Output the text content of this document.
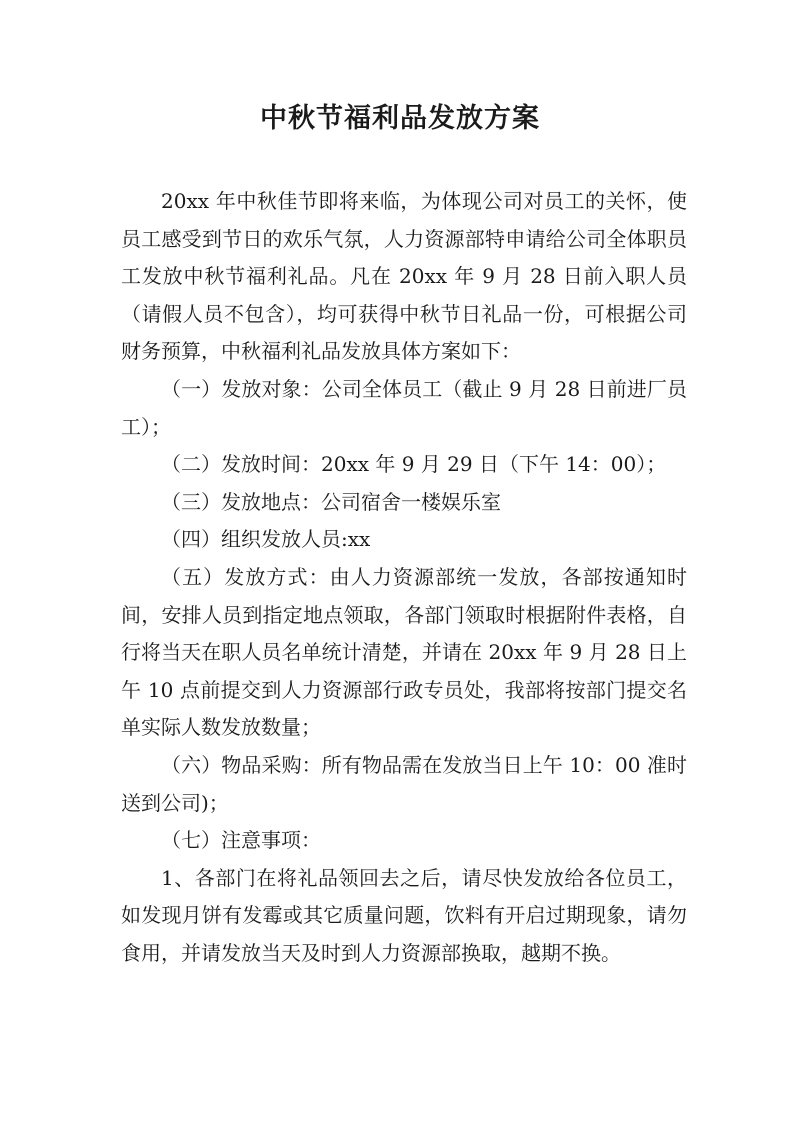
中秋节福利品发放方案

20xx 年中秋佳节即将来临，为体现公司对员工的关怀，使员工感受到节日的欢乐气氛，人力资源部特申请给公司全体职员工发放中秋节福利礼品。凡在 20xx 年 9 月 28 日前入职人员（请假人员不包含），均可获得中秋节日礼品一份，可根据公司财务预算，中秋福利礼品发放具体方案如下：

（一）发放对象：公司全体员工（截止 9 月 28 日前进厂员工）；

（二）发放时间：20xx 年 9 月 29 日（下午 14：00）；

（三）发放地点：公司宿舍一楼娱乐室

（四）组织发放人员:xx

（五）发放方式：由人力资源部统一发放，各部按通知时间，安排人员到指定地点领取，各部门领取时根据附件表格，自行将当天在职人员名单统计清楚，并请在 20xx 年 9 月 28 日上午 10 点前提交到人力资源部行政专员处，我部将按部门提交名单实际人数发放数量；

（六）物品采购：所有物品需在发放当日上午 10：00 准时送到公司)；

（七）注意事项：

1、各部门在将礼品领回去之后，请尽快发放给各位员工，如发现月饼有发霉或其它质量问题，饮料有开启过期现象，请勿食用，并请发放当天及时到人力资源部换取，越期不换。
